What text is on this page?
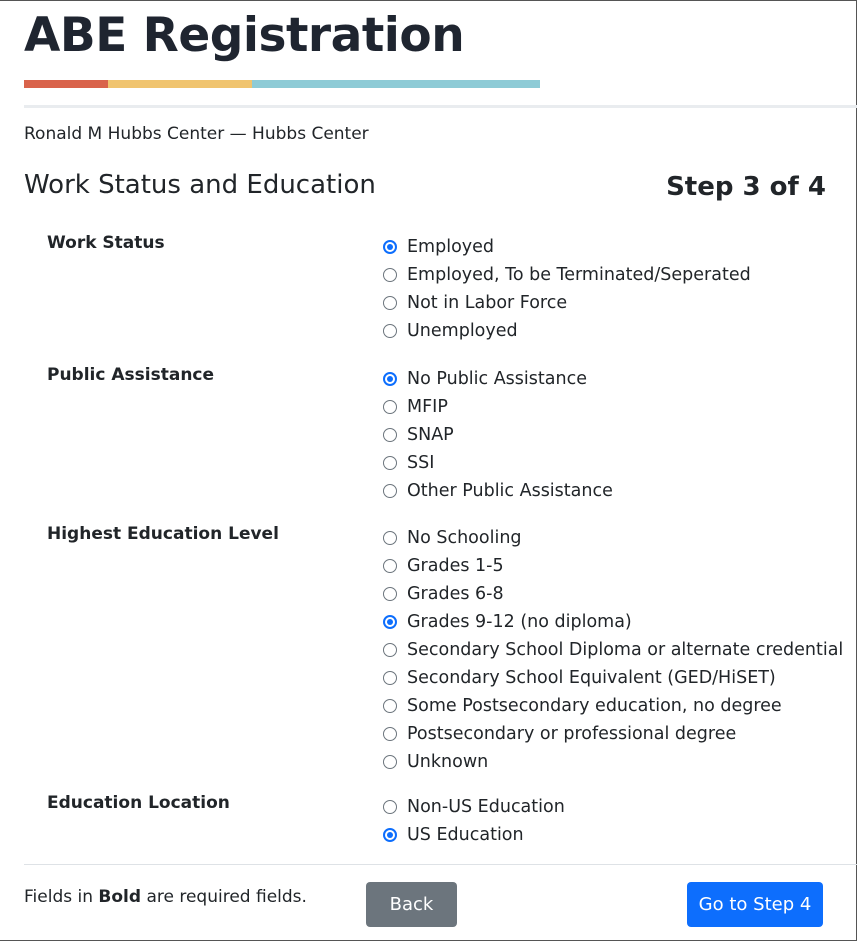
ABE Registration
Ronald M Hubbs Center — Hubbs Center
Work Status and Education	Step 3 of 4
Work Status	Employed
Employed, To be Terminated/Seperated
Not in Labor Force
Unemployed
Public Assistance	No Public Assistance
MFIP
SNAP
SSI
Other Public Assistance
Highest Education Level	No Schooling
Grades 1-5
Grades 6-8
Grades 9-12 (no diploma)
Secondary School Diploma or alternate credential
Secondary School Equivalent (GED/HiSET)
Some Postsecondary education, no degree
Postsecondary or professional degree
Unknown
Education Location	Non-US Education
US Education
Fields in Bold are required fields.	Back	Go to Step 4
